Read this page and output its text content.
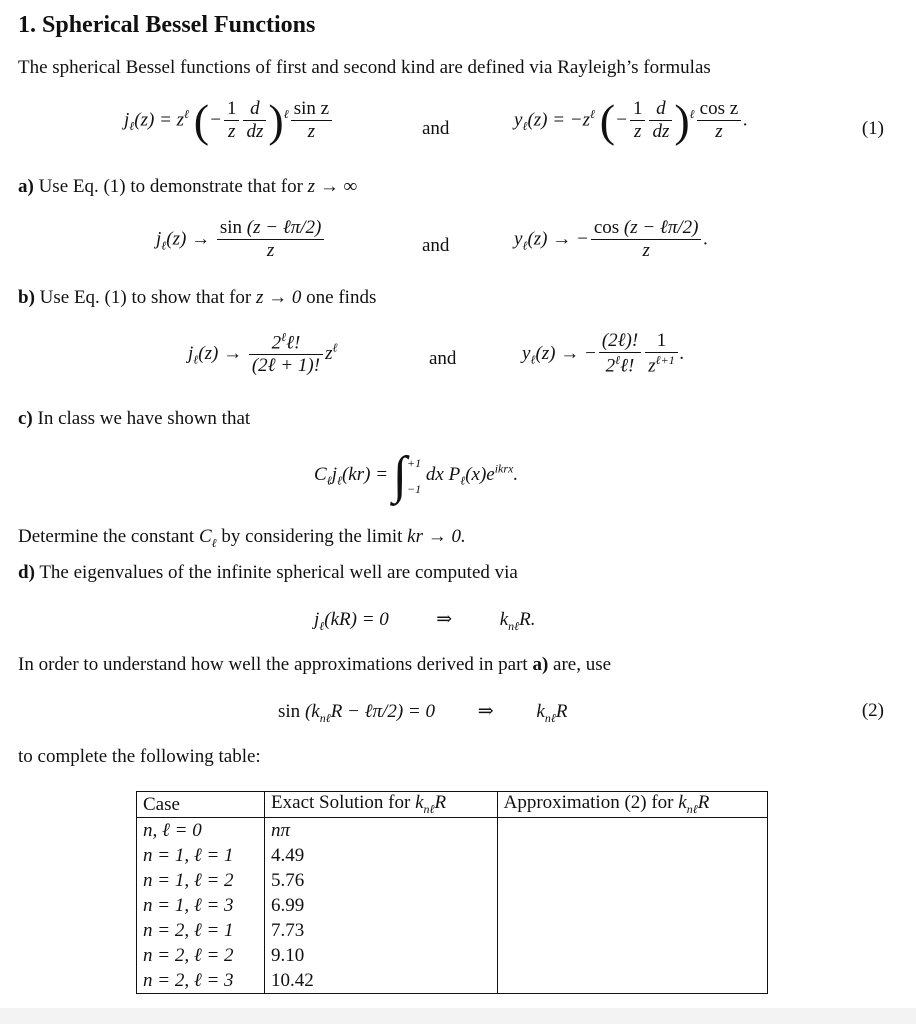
1. Spherical Bessel Functions
The spherical Bessel functions of first and second kind are defined via Rayleigh’s formulas
$j_\ell(z) = z^\ell$ (− $\frac{1}{z} \frac{d}{dz} )^\ell \frac{\text{sin z}}{z}$	and	$y_\ell(z) = -z^\ell$ (− $\frac{1}{z} \frac{d}{dz} )^\ell \frac{\text{cos z}}{z}$ .	(1)
a) Use Eq. (1) to demonstrate that for z → ∞
$j_\ell(z) \to \frac{\text{sin (z − ℓπ/2)}}{z}$	and	$y_\ell(z)$ → − $\frac{\text{cos (z − ℓπ/2)}}{z}$ .
b) Use Eq. (1) to show that for z → 0 one finds
$j_\ell(z) \to \frac{2^\ell\ell!}{\text{(2ℓ + 1)!}} z^\ell$
and	$y_\ell(z)$ → − $\frac{\text{(2ℓ)!}}{2^\ell\ell!} \frac{1}{z^{\ell+1}}$ .
c) In class we have shown that
$C_\ell j_\ell(kr)$ = ∫ +1
−1
dx $P_\ell(x)e^{ikrx}$.
Determine the constant $C_\ell$ by considering the limit kr → 0.
d) The eigenvalues of the infinite spherical well are computed via
$j_\ell(kR) = 0$          ⇒          $k_{n\ell}R$.
In order to understand how well the approximations derived in part a) are, use
$\sin (k_{n\ell}R$ − ℓπ/2) = 0         ⇒         $k_{n\ell}R$	(2)
to complete the following table:
Case	Exact Solution for $k_{n\ell}R$	Approximation (2) for $k_{n\ell}R$
n, ℓ = 0	nπ	
n = 1, ℓ = 1	4.49	
n = 1, ℓ = 2	5.76	
n = 1, ℓ = 3	6.99	
n = 2, ℓ = 1	7.73	
n = 2, ℓ = 2	9.10	
n = 2, ℓ = 3	10.42	
